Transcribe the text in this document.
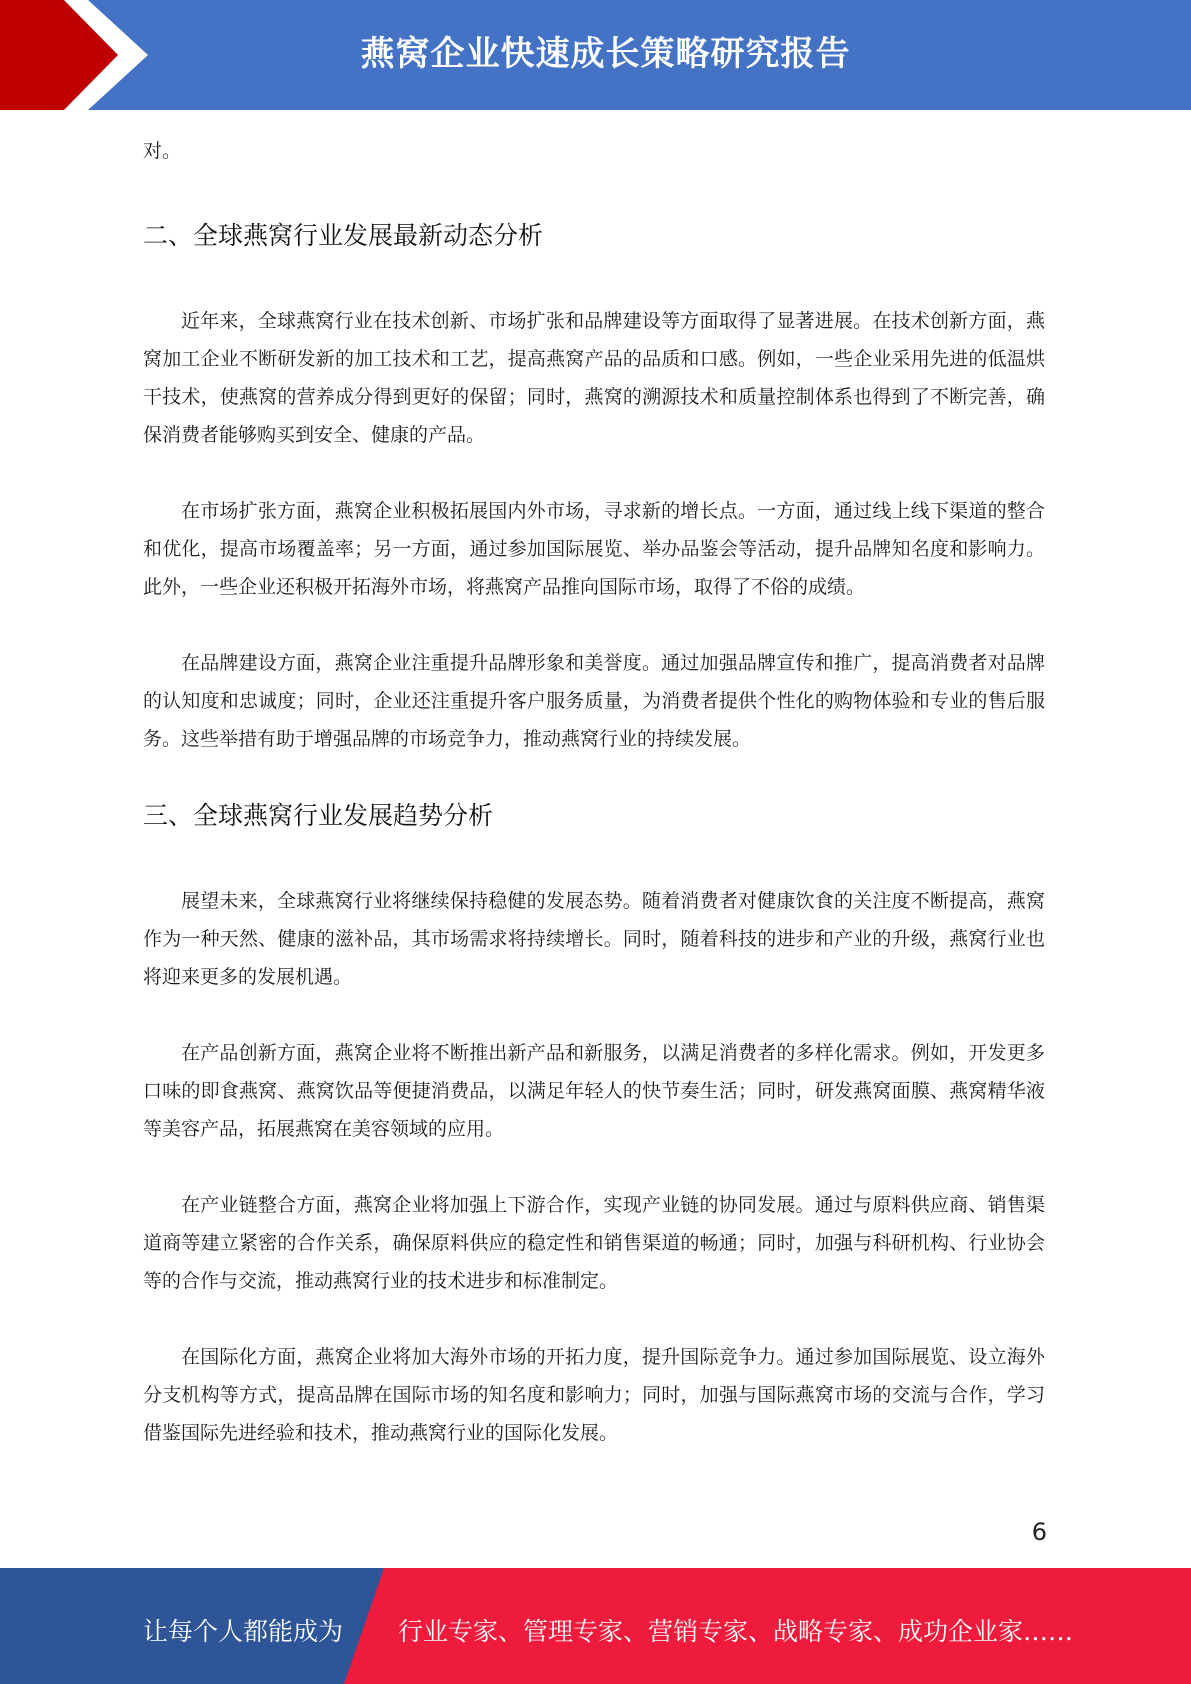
燕窝企业快速成长策略研究报告

对。

二、全球燕窝行业发展最新动态分析

近年来，全球燕窝行业在技术创新、市场扩张和品牌建设等方面取得了显著进展。在技术创新方面，燕窝加工企业不断研发新的加工技术和工艺，提高燕窝产品的品质和口感。例如，一些企业采用先进的低温烘干技术，使燕窝的营养成分得到更好的保留；同时，燕窝的溯源技术和质量控制体系也得到了不断完善，确保消费者能够购买到安全、健康的产品。

在市场扩张方面，燕窝企业积极拓展国内外市场，寻求新的增长点。一方面，通过线上线下渠道的整合和优化，提高市场覆盖率；另一方面，通过参加国际展览、举办品鉴会等活动，提升品牌知名度和影响力。此外，一些企业还积极开拓海外市场，将燕窝产品推向国际市场，取得了不俗的成绩。

在品牌建设方面，燕窝企业注重提升品牌形象和美誉度。通过加强品牌宣传和推广，提高消费者对品牌的认知度和忠诚度；同时，企业还注重提升客户服务质量，为消费者提供个性化的购物体验和专业的售后服务。这些举措有助于增强品牌的市场竞争力，推动燕窝行业的持续发展。

三、全球燕窝行业发展趋势分析

展望未来，全球燕窝行业将继续保持稳健的发展态势。随着消费者对健康饮食的关注度不断提高，燕窝作为一种天然、健康的滋补品，其市场需求将持续增长。同时，随着科技的进步和产业的升级，燕窝行业也将迎来更多的发展机遇。

在产品创新方面，燕窝企业将不断推出新产品和新服务，以满足消费者的多样化需求。例如，开发更多口味的即食燕窝、燕窝饮品等便捷消费品，以满足年轻人的快节奏生活；同时，研发燕窝面膜、燕窝精华液等美容产品，拓展燕窝在美容领域的应用。

在产业链整合方面，燕窝企业将加强上下游合作，实现产业链的协同发展。通过与原料供应商、销售渠道商等建立紧密的合作关系，确保原料供应的稳定性和销售渠道的畅通；同时，加强与科研机构、行业协会等的合作与交流，推动燕窝行业的技术进步和标准制定。

在国际化方面，燕窝企业将加大海外市场的开拓力度，提升国际竞争力。通过参加国际展览、设立海外分支机构等方式，提高品牌在国际市场的知名度和影响力；同时，加强与国际燕窝市场的交流与合作，学习借鉴国际先进经验和技术，推动燕窝行业的国际化发展。

6
让每个人都能成为 行业专家、管理专家、营销专家、战略专家、成功企业家……
